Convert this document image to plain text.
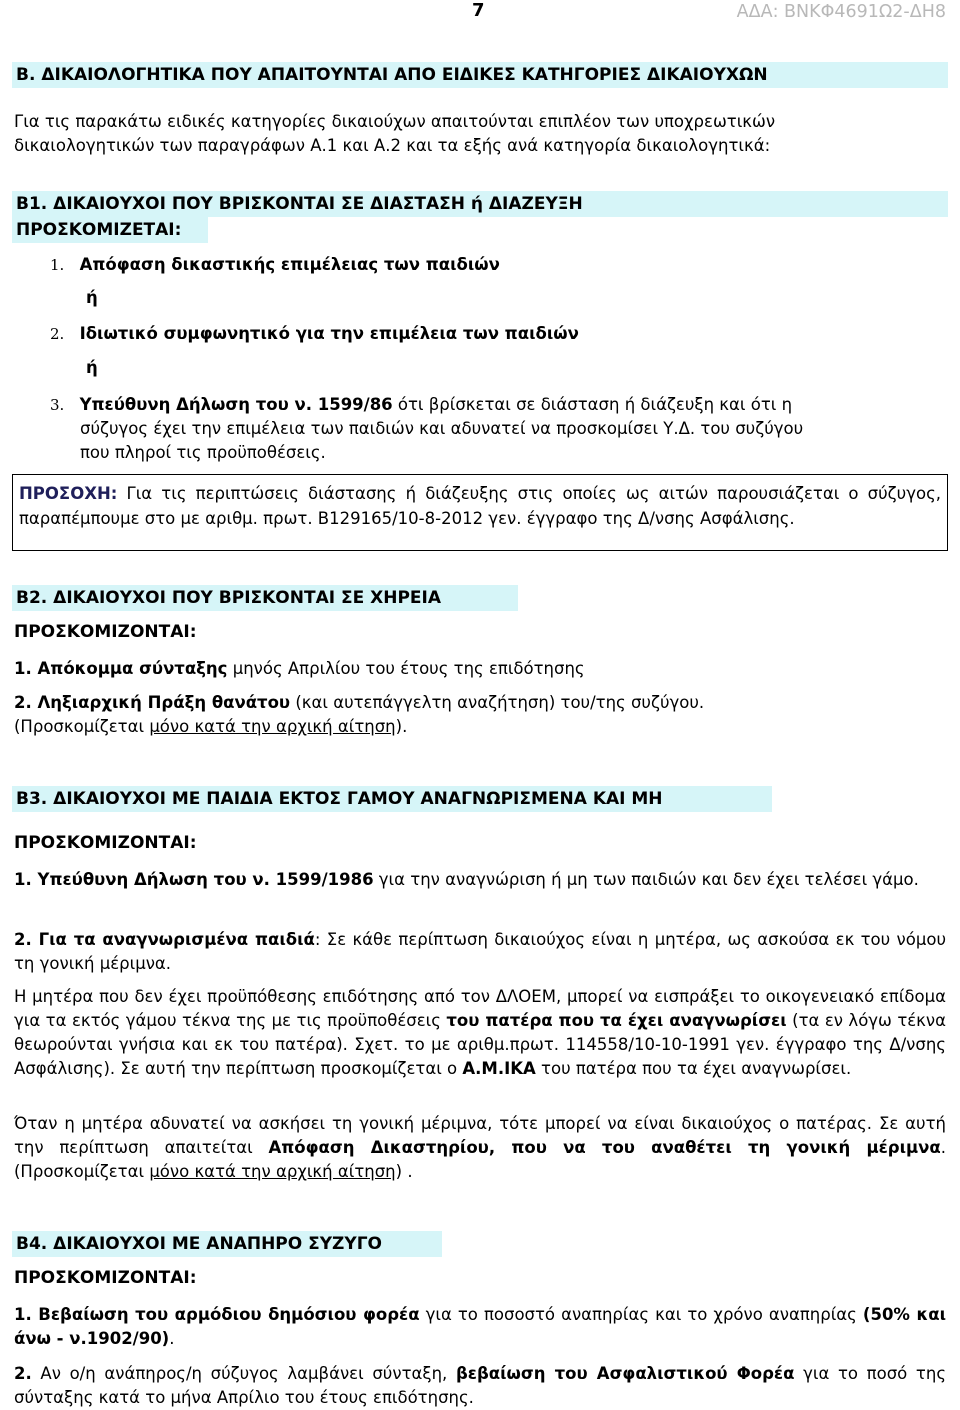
7	ΑΔΑ: ΒΝΚΦ4691Ω2-ΔΗ8
Β. ΔΙΚΑΙΟΛΟΓΗΤΙΚΑ ΠΟΥ ΑΠΑΙΤΟΥΝΤΑΙ ΑΠΟ ΕΙΔΙΚΕΣ ΚΑΤΗΓΟΡΙΕΣ ΔΙΚΑΙΟΥΧΩΝ
Για τις παρακάτω ειδικές κατηγορίες δικαιούχων απαιτούνται επιπλέον των υποχρεωτικών
δικαιολογητικών των παραγράφων Α.1 και Α.2 και τα εξής ανά κατηγορία δικαιολογητικά:
Β1. ΔΙΚΑΙΟΥΧΟΙ ΠΟΥ ΒΡΙΣΚΟΝΤΑΙ ΣΕ ΔΙΑΣΤΑΣΗ ή ΔΙΑΖΕΥΞΗ
ΠΡΟΣΚΟΜΙΖΕΤΑΙ:
1. Απόφαση δικαστικής επιμέλειας των παιδιών
ή
2. Ιδιωτικό συμφωνητικό για την επιμέλεια των παιδιών
ή
3. Υπεύθυνη Δήλωση του ν. 1599/86 ότι βρίσκεται σε διάσταση ή διάζευξη και ότι η
σύζυγος έχει την επιμέλεια των παιδιών και αδυνατεί να προσκομίσει Υ.Δ. του συζύγου
που πληροί τις προϋποθέσεις.
ΠΡΟΣΟΧΗ: Για τις περιπτώσεις διάστασης ή διάζευξης στις οποίες ως αιτών παρουσιάζεται ο σύζυγος, παραπέμπουμε στο με αριθμ. πρωτ. Β129165/10-8-2012 γεν. έγγραφο της Δ/νσης Ασφάλισης.
Β2. ΔΙΚΑΙΟΥΧΟΙ ΠΟΥ ΒΡΙΣΚΟΝΤΑΙ ΣΕ ΧΗΡΕΙΑ
ΠΡΟΣΚΟΜΙΖΟΝΤΑΙ:
1. Απόκομμα σύνταξης μηνός Απριλίου του έτους της επιδότησης
2. Ληξιαρχική Πράξη θανάτου (και αυτεπάγγελτη αναζήτηση) του/της συζύγου.
(Προσκομίζεται μόνο κατά την αρχική αίτηση).
Β3. ΔΙΚΑΙΟΥΧΟΙ ΜΕ ΠΑΙΔΙΑ ΕΚΤΟΣ ΓΑΜΟΥ ΑΝΑΓΝΩΡΙΣΜΕΝΑ ΚΑΙ ΜΗ
ΠΡΟΣΚΟΜΙΖΟΝΤΑΙ:
1. Υπεύθυνη Δήλωση του ν. 1599/1986 για την αναγνώριση ή μη των παιδιών και δεν έχει τελέσει γάμο.
2. Για τα αναγνωρισμένα παιδιά: Σε κάθε περίπτωση δικαιούχος είναι η μητέρα, ως ασκούσα εκ του νόμου τη γονική μέριμνα.
Η μητέρα που δεν έχει προϋπόθεσης επιδότησης από τον ΔΛΟΕΜ, μπορεί να εισπράξει το οικογενειακό επίδομα για τα εκτός γάμου τέκνα της με τις προϋποθέσεις του πατέρα που τα έχει αναγνωρίσει (τα εν λόγω τέκνα θεωρούνται γνήσια και εκ του πατέρα). Σχετ. το με αριθμ.πρωτ. 114558/10-10-1991 γεν. έγγραφο της Δ/νσης Ασφάλισης). Σε αυτή την περίπτωση προσκομίζεται ο Α.Μ.ΙΚΑ του πατέρα που τα έχει αναγνωρίσει.
Όταν η μητέρα αδυνατεί να ασκήσει τη γονική μέριμνα, τότε μπορεί να είναι δικαιούχος ο πατέρας. Σε αυτή την περίπτωση απαιτείται Απόφαση Δικαστηρίου, που να του αναθέτει τη γονική μέριμνα. (Προσκομίζεται μόνο κατά την αρχική αίτηση) .
Β4. ΔΙΚΑΙΟΥΧΟΙ ΜΕ ΑΝΑΠΗΡΟ ΣΥΖΥΓΟ
ΠΡΟΣΚΟΜΙΖΟΝΤΑΙ:
1. Βεβαίωση του αρμόδιου δημόσιου φορέα για το ποσοστό αναπηρίας και το χρόνο αναπηρίας (50% και άνω - ν.1902/90).
2. Αν ο/η ανάπηρος/η σύζυγος λαμβάνει σύνταξη, βεβαίωση του Ασφαλιστικού Φορέα για το ποσό της σύνταξης κατά το μήνα Απρίλιο του έτους επιδότησης.
